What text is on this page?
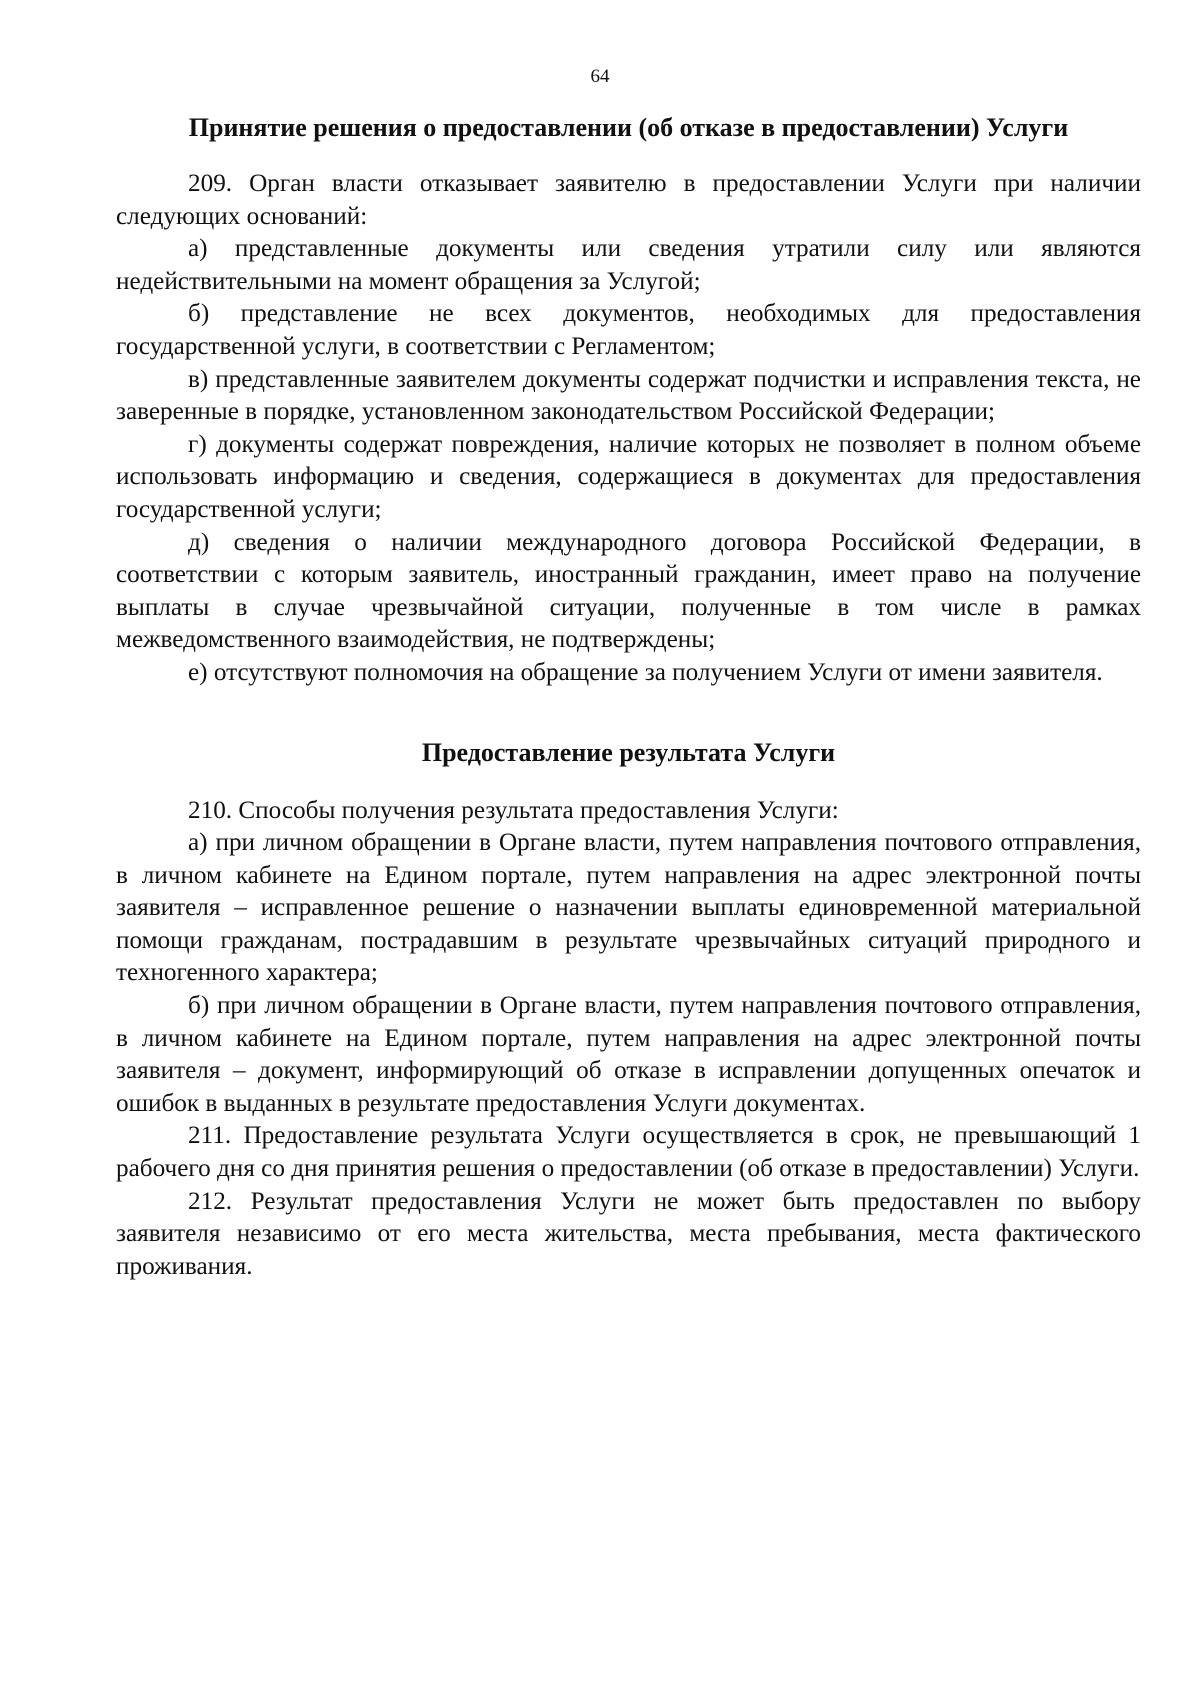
64
Принятие решения о предоставлении (об отказе в предоставлении) Услуги

209. Орган власти отказывает заявителю в предоставлении Услуги при наличии следующих оснований:

а) представленные документы или сведения утратили силу или являются недействительными на момент обращения за Услугой;

б) представление не всех документов, необходимых для предоставления государственной услуги, в соответствии с Регламентом;

в) представленные заявителем документы содержат подчистки и исправления текста, не заверенные в порядке, установленном законодательством Российской Федерации;

г) документы содержат повреждения, наличие которых не позволяет в полном объеме использовать информацию и сведения, содержащиеся в документах для предоставления государственной услуги;

д) сведения о наличии международного договора Российской Федерации, в соответствии с которым заявитель, иностранный гражданин, имеет право на получение выплаты в случае чрезвычайной ситуации, полученные в том числе в рамках межведомственного взаимодействия, не подтверждены;

е) отсутствуют полномочия на обращение за получением Услуги от имени заявителя.

Предоставление результата Услуги

210. Способы получения результата предоставления Услуги:

а) при личном обращении в Органе власти, путем направления почтового отправления, в личном кабинете на Едином портале, путем направления на адрес электронной почты заявителя – исправленное решение о назначении выплаты единовременной материальной помощи гражданам, пострадавшим в результате чрезвычайных ситуаций природного и техногенного характера;

б) при личном обращении в Органе власти, путем направления почтового отправления, в личном кабинете на Едином портале, путем направления на адрес электронной почты заявителя – документ, информирующий об отказе в исправлении допущенных опечаток и ошибок в выданных в результате предоставления Услуги документах.

211. Предоставление результата Услуги осуществляется в срок, не превышающий 1 рабочего дня со дня принятия решения о предоставлении (об отказе в предоставлении) Услуги.

212. Результат предоставления Услуги не может быть предоставлен по выбору заявителя независимо от его места жительства, места пребывания, места фактического проживания.
